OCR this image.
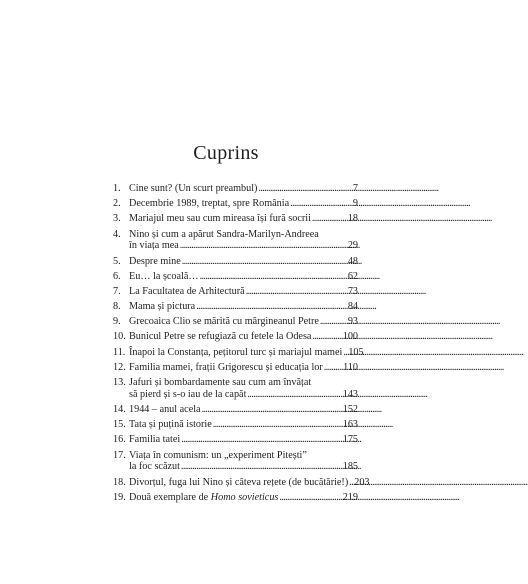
Cuprins
1. Cine sunt? (Un scurt preambul) . . .	7
2. Decembrie 1989, treptat, spre România . . .	9
3. Mariajul meu sau cum mireasa își fură socrii . . .	18
4. Nino și cum a apărut Sandra-Marilyn-Andreea
în viața mea . . .	29
5. Despre mine . . .	48
6. Eu… la școală… . . .	62
7. La Facultatea de Arhitectură . . .	73
8. Mama și pictura . . .	84
9. Grecoaica Clio se mărită cu mărgineanul Petre . . .	93
10. Bunicul Petre se refugiază cu fetele la Odesa . . .	100
11. Înapoi la Constanța, pețitorul turc și mariajul mamei . . . 105
12. Familia mamei, frații Grigorescu și educația lor . . . 110
13. Jafuri și bombardamente sau cum am învățat
să pierd și s-o iau de la capăt . . .	143
14. 1944 – anul acela . . .	152
15. Tata și puțină istorie . . .	163
16. Familia tatei . . .	175
17. Viața în comunism: un „experiment Pitești”
la foc scăzut . . .	185
18. Divorțul, fuga lui Nino și câteva rețete (de bucătărie!) . . . 203
19. Două exemplare de Homo sovieticus . . .	219
